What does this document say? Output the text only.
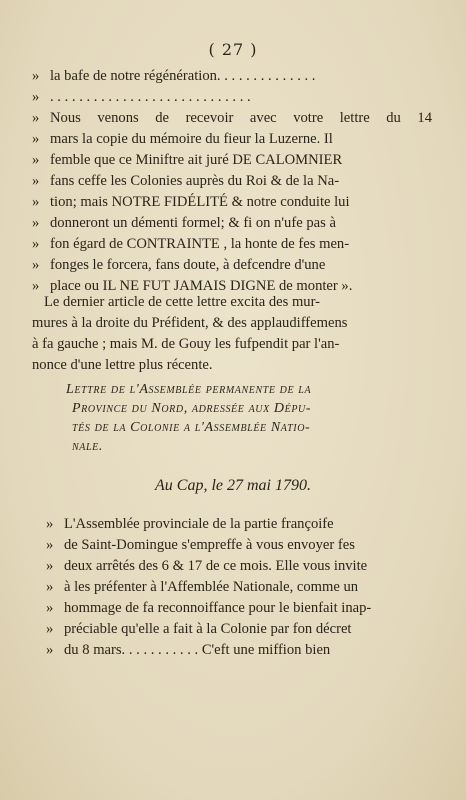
( 27 )
» la bafe de notre régénération. . . . . . . . . . . . . .
» . . . . . . . . . . . . . . . . . . . . . . . . . . . .
» Nous venons de recevoir avec votre lettre du 14
» mars la copie du mémoire du fieur la Luzerne. Il
» femble que ce Miniftre ait juré DE CALOMNIER
» fans ceffe les Colonies auprès du Roi & de la Na-
» tion; mais NOTRE FIDÉLITÉ & notre conduite lui
» donneront un démenti formel; & fi on n'ufe pas à
» fon égard de CONTRAINTE , la honte de fes men-
» fonges le forcera, fans doute, à defcendre d'une
» place ou IL NE FUT JAMAIS DIGNE de monter ».
Le dernier article de cette lettre excita des mur-
mures à la droite du Préfident, & des applaudiffemens
à fa gauche ; mais M. de Gouy les fufpendit par l'an-
nonce d'une lettre plus récente.
Lettre de l'Assemblée permanente de la
Province du Nord, adressée aux Dépu-
tés de la Colonie a l'Assemblée Natio-
nale.
Au Cap, le 27 mai 1790.
» L'Assemblée provinciale de la partie françoife
» de Saint-Domingue s'empreffe à vous envoyer fes
» deux arrêtés des 6 & 17 de ce mois. Elle vous invite
» à les préfenter à l'Affemblée Nationale, comme un
» hommage de fa reconnoiffance pour le bienfait inap-
» préciable qu'elle a fait à la Colonie par fon décret
» du 8 mars. . . . . . . . . . . C'eft une miffion bien
